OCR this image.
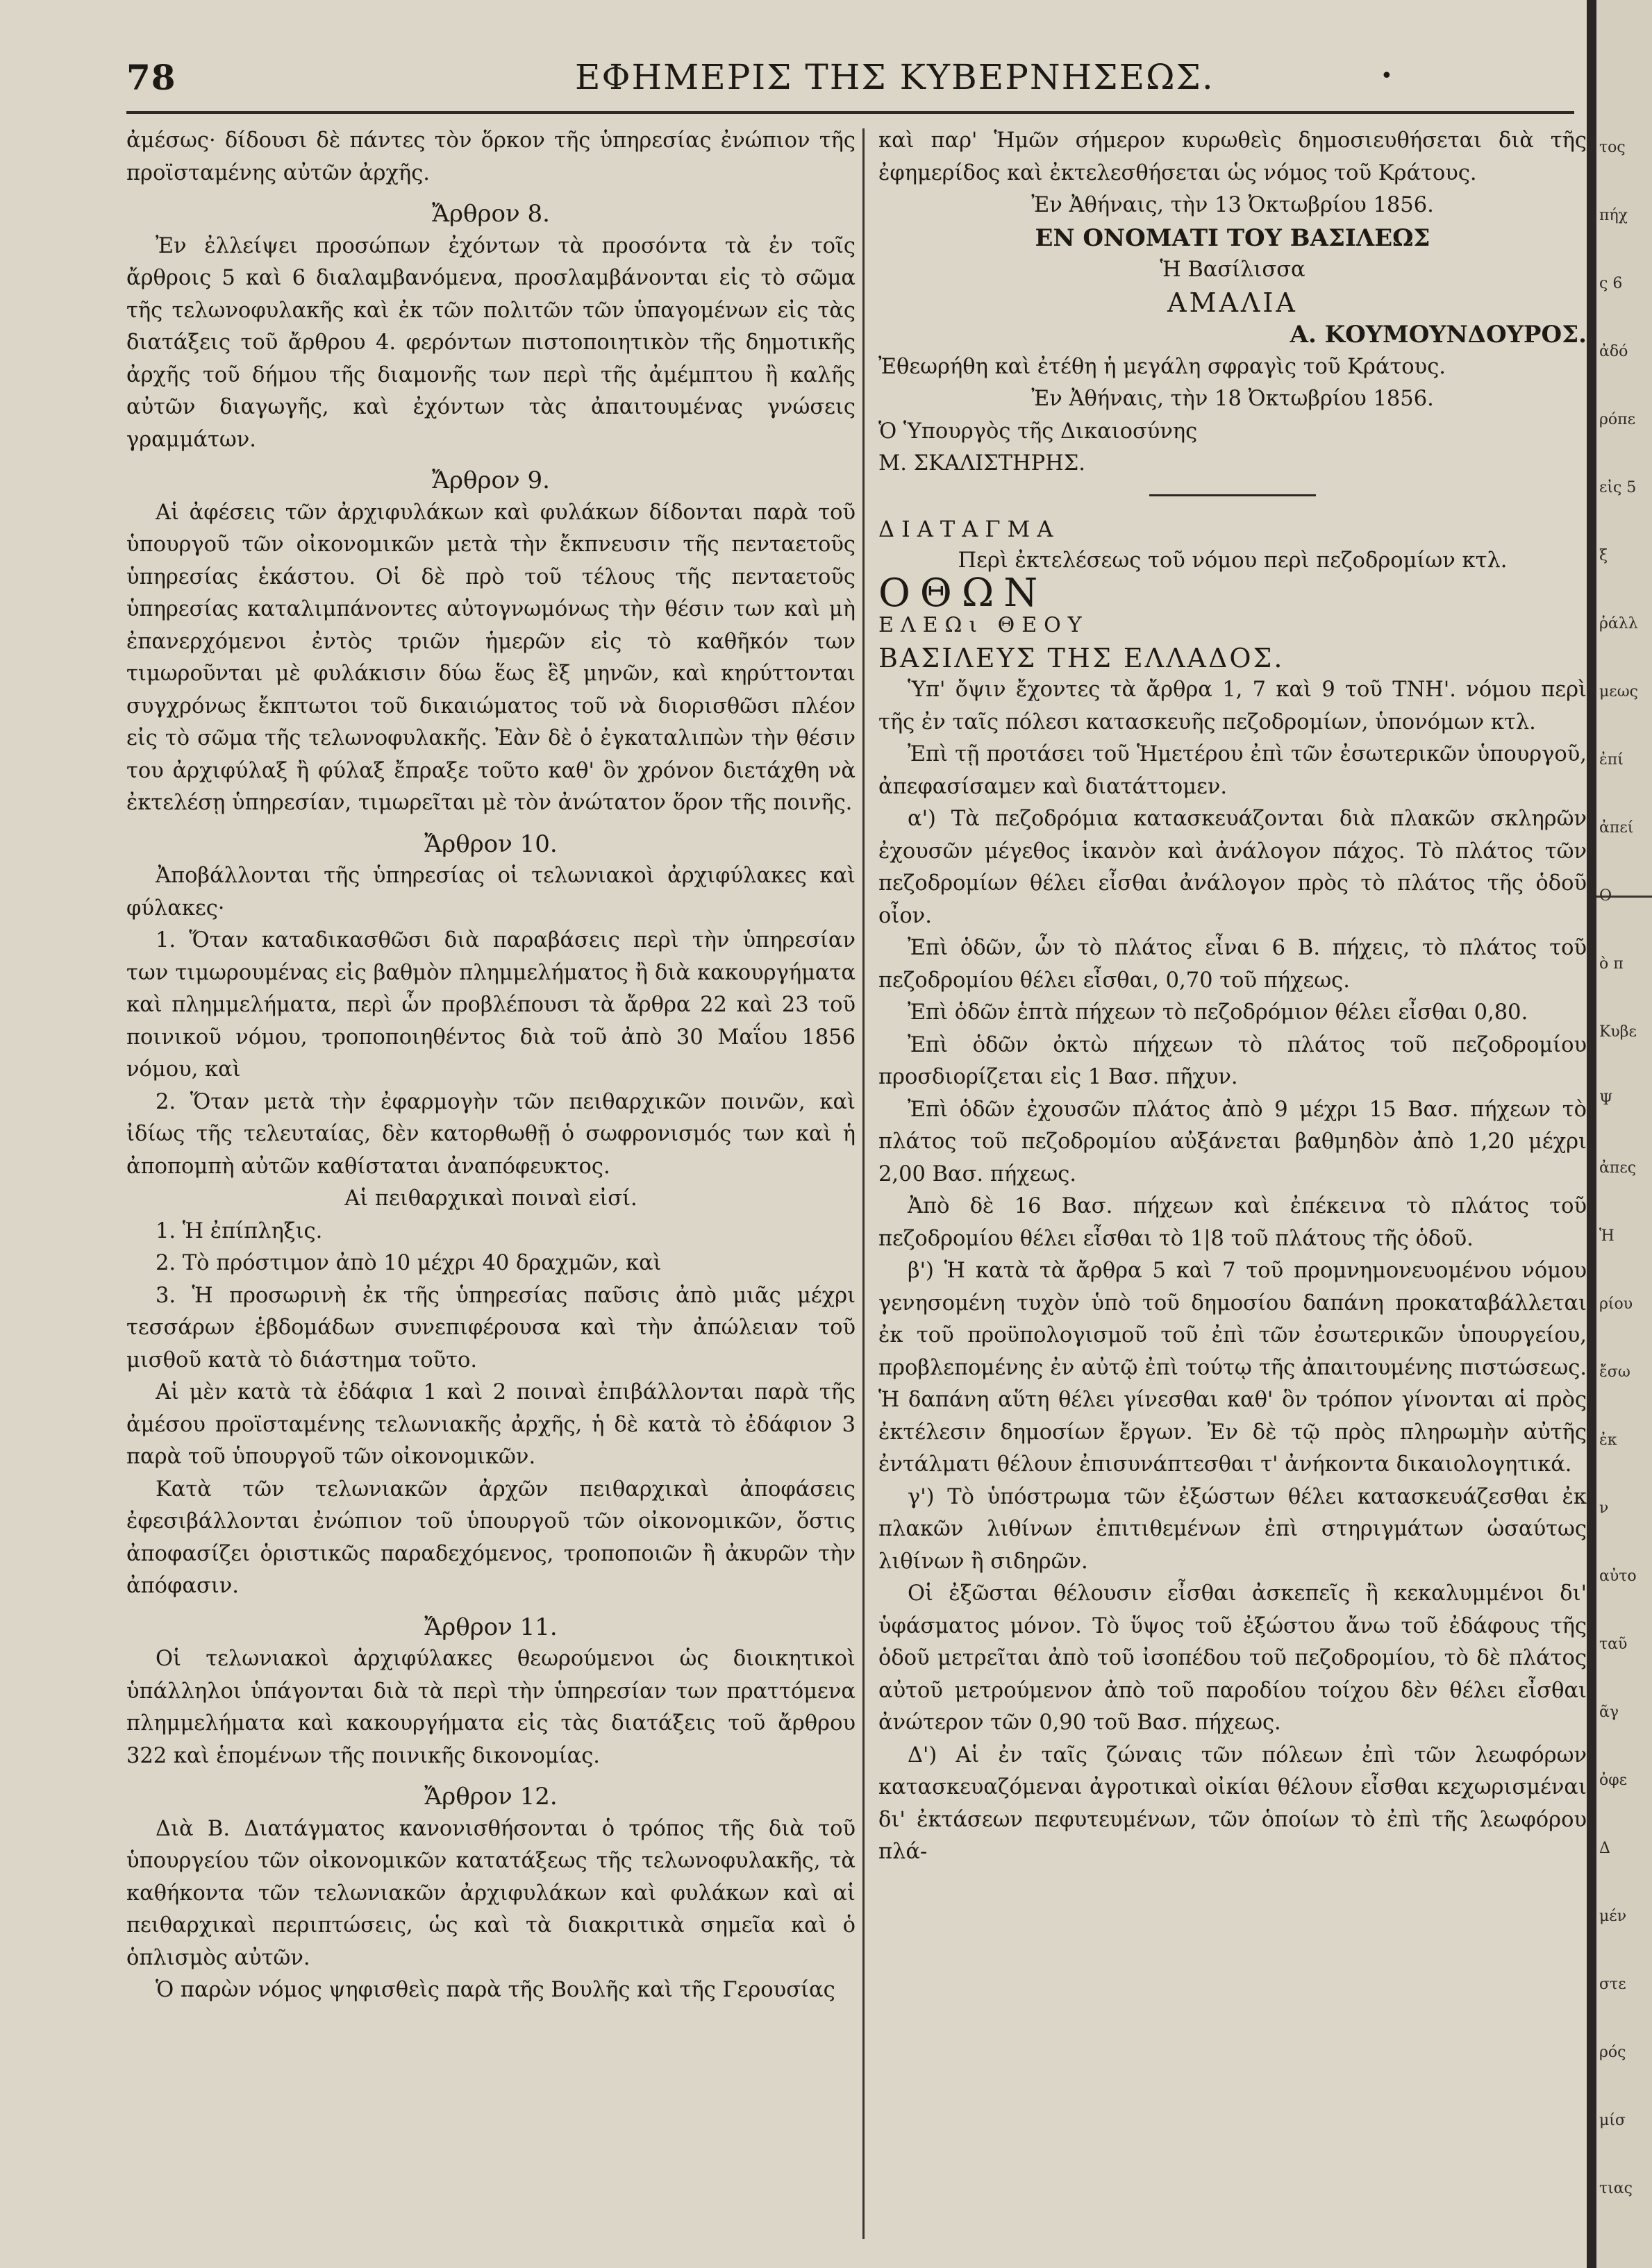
78	ΕΦΗΜΕΡΙΣ ΤΗΣ ΚΥΒΕΡΝΗΣΕΩΣ.	•

ἀμέσως· δίδουσι δὲ πάντες τὸν ὅρκον τῆς ὑπηρεσίας ἐνώπιον τῆς προϊσταμένης αὐτῶν ἀρχῆς.

Ἄρθρον 8.

Ἐν ἐλλείψει προσώπων ἐχόντων τὰ προσόντα τὰ ἐν τοῖς ἄρθροις 5 καὶ 6 διαλαμβανόμενα, προσλαμβάνονται εἰς τὸ σῶμα τῆς τελωνοφυλακῆς καὶ ἐκ τῶν πολιτῶν τῶν ὑπαγομένων εἰς τὰς διατάξεις τοῦ ἄρθρου 4. φερόντων πιστοποιητικὸν τῆς δημοτικῆς ἀρχῆς τοῦ δήμου τῆς διαμονῆς των περὶ τῆς ἀμέμπτου ἢ καλῆς αὐτῶν διαγωγῆς, καὶ ἐχόντων τὰς ἀπαιτουμένας γνώσεις γραμμάτων.

Ἄρθρον 9.

Αἱ ἀφέσεις τῶν ἀρχιφυλάκων καὶ φυλάκων δίδονται παρὰ τοῦ ὑπουργοῦ τῶν οἰκονομικῶν μετὰ τὴν ἔκπνευσιν τῆς πενταετοῦς ὑπηρεσίας ἑκάστου. Οἱ δὲ πρὸ τοῦ τέλους τῆς πενταετοῦς ὑπηρεσίας καταλιμπάνοντες αὐτογνωμόνως τὴν θέσιν των καὶ μὴ ἐπανερχόμενοι ἐντὸς τριῶν ἡμερῶν εἰς τὸ καθῆκόν των τιμωροῦνται μὲ φυλάκισιν δύω ἕως ἓξ μηνῶν, καὶ κηρύττονται συγχρόνως ἔκπτωτοι τοῦ δικαιώματος τοῦ νὰ διορισθῶσι πλέον εἰς τὸ σῶμα τῆς τελωνοφυλακῆς. Ἐὰν δὲ ὁ ἐγκαταλιπὼν τὴν θέσιν του ἀρχιφύλαξ ἢ φύλαξ ἔπραξε τοῦτο καθ' ὃν χρόνον διετάχθη νὰ ἐκτελέσῃ ὑπηρεσίαν, τιμωρεῖται μὲ τὸν ἀνώτατον ὅρον τῆς ποινῆς.

Ἄρθρον 10.

Ἀποβάλλονται τῆς ὑπηρεσίας οἱ τελωνιακοὶ ἀρχιφύλακες καὶ φύλακες·

1. Ὅταν καταδικασθῶσι διὰ παραβάσεις περὶ τὴν ὑπηρεσίαν των τιμωρουμένας εἰς βαθμὸν πλημμελήματος ἢ διὰ κακουργήματα καὶ πλημμελήματα, περὶ ὧν προβλέπουσι τὰ ἄρθρα 22 καὶ 23 τοῦ ποινικοῦ νόμου, τροποποιηθέντος διὰ τοῦ ἀπὸ 30 Μαΐου 1856 νόμου, καὶ

2. Ὅταν μετὰ τὴν ἐφαρμογὴν τῶν πειθαρχικῶν ποινῶν, καὶ ἰδίως τῆς τελευταίας, δὲν κατορθωθῇ ὁ σωφρονισμός των καὶ ἡ ἀποπομπὴ αὐτῶν καθίσταται ἀναπόφευκτος.

Αἱ πειθαρχικαὶ ποιναὶ εἰσί.

1. Ἡ ἐπίπληξις.

2. Τὸ πρόστιμον ἀπὸ 10 μέχρι 40 δραχμῶν, καὶ

3. Ἡ προσωρινὴ ἐκ τῆς ὑπηρεσίας παῦσις ἀπὸ μιᾶς μέχρι τεσσάρων ἑβδομάδων συνεπιφέρουσα καὶ τὴν ἀπώλειαν τοῦ μισθοῦ κατὰ τὸ διάστημα τοῦτο.

Αἱ μὲν κατὰ τὰ ἐδάφια 1 καὶ 2 ποιναὶ ἐπιβάλλονται παρὰ τῆς ἀμέσου προϊσταμένης τελωνιακῆς ἀρχῆς, ἡ δὲ κατὰ τὸ ἐδάφιον 3 παρὰ τοῦ ὑπουργοῦ τῶν οἰκονομικῶν.

Κατὰ τῶν τελωνιακῶν ἀρχῶν πειθαρχικαὶ ἀποφάσεις ἐφεσιβάλλονται ἐνώπιον τοῦ ὑπουργοῦ τῶν οἰκονομικῶν, ὅστις ἀποφασίζει ὁριστικῶς παραδεχόμενος, τροποποιῶν ἢ ἀκυρῶν τὴν ἀπόφασιν.

Ἄρθρον 11.

Οἱ τελωνιακοὶ ἀρχιφύλακες θεωρούμενοι ὡς διοικητικοὶ ὑπάλληλοι ὑπάγονται διὰ τὰ περὶ τὴν ὑπηρεσίαν των πραττόμενα πλημμελήματα καὶ κακουργήματα εἰς τὰς διατάξεις τοῦ ἄρθρου 322 καὶ ἑπομένων τῆς ποινικῆς δικονομίας.

Ἄρθρον 12.

Διὰ Β. Διατάγματος κανονισθήσονται ὁ τρόπος τῆς διὰ τοῦ ὑπουργείου τῶν οἰκονομικῶν κατατάξεως τῆς τελωνοφυλακῆς, τὰ καθήκοντα τῶν τελωνιακῶν ἀρχιφυλάκων καὶ φυλάκων καὶ αἱ πειθαρχικαὶ περιπτώσεις, ὡς καὶ τὰ διακριτικὰ σημεῖα καὶ ὁ ὁπλισμὸς αὐτῶν.

Ὁ παρὼν νόμος ψηφισθεὶς παρὰ τῆς Βουλῆς καὶ τῆς Γερουσίας

καὶ παρ' Ἡμῶν σήμερον κυρωθεὶς δημοσιευθήσεται διὰ τῆς ἐφημερίδος καὶ ἐκτελεσθήσεται ὡς νόμος τοῦ Κράτους.

Ἐν Ἀθήναις, τὴν 13 Ὀκτωβρίου 1856.

ΕΝ ΟΝΟΜΑΤΙ ΤΟΥ ΒΑΣΙΛΕΩΣ

Ἡ Βασίλισσα

ΑΜΑΛΙΑ

Α. ΚΟΥΜΟΥΝΔΟΥΡΟΣ.

Ἐθεωρήθη καὶ ἐτέθη ἡ μεγάλη σφραγὶς τοῦ Κράτους.

Ἐν Ἀθήναις, τὴν 18 Ὀκτωβρίου 1856.

Ὁ Ὑπουργὸς τῆς Δικαιοσύνης

Μ. ΣΚΑΛΙΣΤΗΡΗΣ.

ΔΙΑΤΑΓΜΑ

Περὶ ἐκτελέσεως τοῦ νόμου περὶ πεζοδρομίων κτλ.

ΟΘΩΝ

ΕΛΕΩι ΘΕΟΥ

ΒΑΣΙΛΕΥΣ ΤΗΣ ΕΛΛΑΔΟΣ.

Ὑπ' ὄψιν ἔχοντες τὰ ἄρθρα 1, 7 καὶ 9 τοῦ ΤΝΗ'. νόμου περὶ τῆς ἐν ταῖς πόλεσι κατασκευῆς πεζοδρομίων, ὑπονόμων κτλ.

Ἐπὶ τῇ προτάσει τοῦ Ἡμετέρου ἐπὶ τῶν ἐσωτερικῶν ὑπουργοῦ, ἀπεφασίσαμεν καὶ διατάττομεν.

α') Τὰ πεζοδρόμια κατασκευάζονται διὰ πλακῶν σκληρῶν ἐχουσῶν μέγεθος ἱκανὸν καὶ ἀνάλογον πάχος. Τὸ πλάτος τῶν πεζοδρομίων θέλει εἶσθαι ἀνάλογον πρὸς τὸ πλάτος τῆς ὁδοῦ οἶον.

Ἐπὶ ὁδῶν, ὧν τὸ πλάτος εἶναι 6 Β. πήχεις, τὸ πλάτος τοῦ πεζοδρομίου θέλει εἶσθαι, 0,70 τοῦ πήχεως.

Ἐπὶ ὁδῶν ἑπτὰ πήχεων τὸ πεζοδρόμιον θέλει εἶσθαι 0,80.

Ἐπὶ ὁδῶν ὀκτὼ πήχεων τὸ πλάτος τοῦ πεζοδρομίου προσδιορίζεται εἰς 1 Βασ. πῆχυν.

Ἐπὶ ὁδῶν ἐχουσῶν πλάτος ἀπὸ 9 μέχρι 15 Βασ. πήχεων τὸ πλάτος τοῦ πεζοδρομίου αὐξάνεται βαθμηδὸν ἀπὸ 1,20 μέχρι 2,00 Βασ. πήχεως.

Ἀπὸ δὲ 16 Βασ. πήχεων καὶ ἐπέκεινα τὸ πλάτος τοῦ πεζοδρομίου θέλει εἶσθαι τὸ 1|8 τοῦ πλάτους τῆς ὁδοῦ.

β') Ἡ κατὰ τὰ ἄρθρα 5 καὶ 7 τοῦ προμνημονευομένου νόμου γενησομένη τυχὸν ὑπὸ τοῦ δημοσίου δαπάνη προκαταβάλλεται ἐκ τοῦ προϋπολογισμοῦ τοῦ ἐπὶ τῶν ἐσωτερικῶν ὑπουργείου, προβλεπομένης ἐν αὐτῷ ἐπὶ τούτῳ τῆς ἀπαιτουμένης πιστώσεως. Ἡ δαπάνη αὕτη θέλει γίνεσθαι καθ' ὃν τρόπον γίνονται αἱ πρὸς ἐκτέλεσιν δημοσίων ἔργων. Ἐν δὲ τῷ πρὸς πληρωμὴν αὐτῆς ἐντάλματι θέλουν ἐπισυνάπτεσθαι τ' ἀνήκοντα δικαιολογητικά.

γ') Τὸ ὑπόστρωμα τῶν ἐξώστων θέλει κατασκευάζεσθαι ἐκ πλακῶν λιθίνων ἐπιτιθεμένων ἐπὶ στηριγμάτων ὡσαύτως λιθίνων ἢ σιδηρῶν.

Οἱ ἐξῶσται θέλουσιν εἶσθαι ἀσκεπεῖς ἢ κεκαλυμμένοι δι' ὑφάσματος μόνον. Τὸ ὕψος τοῦ ἐξώστου ἄνω τοῦ ἐδάφους τῆς ὁδοῦ μετρεῖται ἀπὸ τοῦ ἰσοπέδου τοῦ πεζοδρομίου, τὸ δὲ πλάτος αὐτοῦ μετρούμενον ἀπὸ τοῦ παροδίου τοίχου δὲν θέλει εἶσθαι ἀνώτερον τῶν 0,90 τοῦ Βασ. πήχεως.

Δ') Αἱ ἐν ταῖς ζώναις τῶν πόλεων ἐπὶ τῶν λεωφόρων κατασκευαζόμεναι ἀγροτικαὶ οἰκίαι θέλουν εἶσθαι κεχωρισμέναι δι' ἐκτάσεων πεφυτευμένων, τῶν ὁποίων τὸ ἐπὶ τῆς λεωφόρου πλά-

τος
πήχ
ς 6
ἀδό
ρόπε
εἰς 5
ξ
ῥάλλ
μεως
ἐπί
ἀπεί
Ο
ὸ π
Κυβε
Ψ
ἀπες
Ἡ
ρίου
ἔσω
ἐκ
ν
αὐτο
ταῦ
ᾶγ
ὀφε
Δ
μέν
στε
ρός
μίσ
τιας
